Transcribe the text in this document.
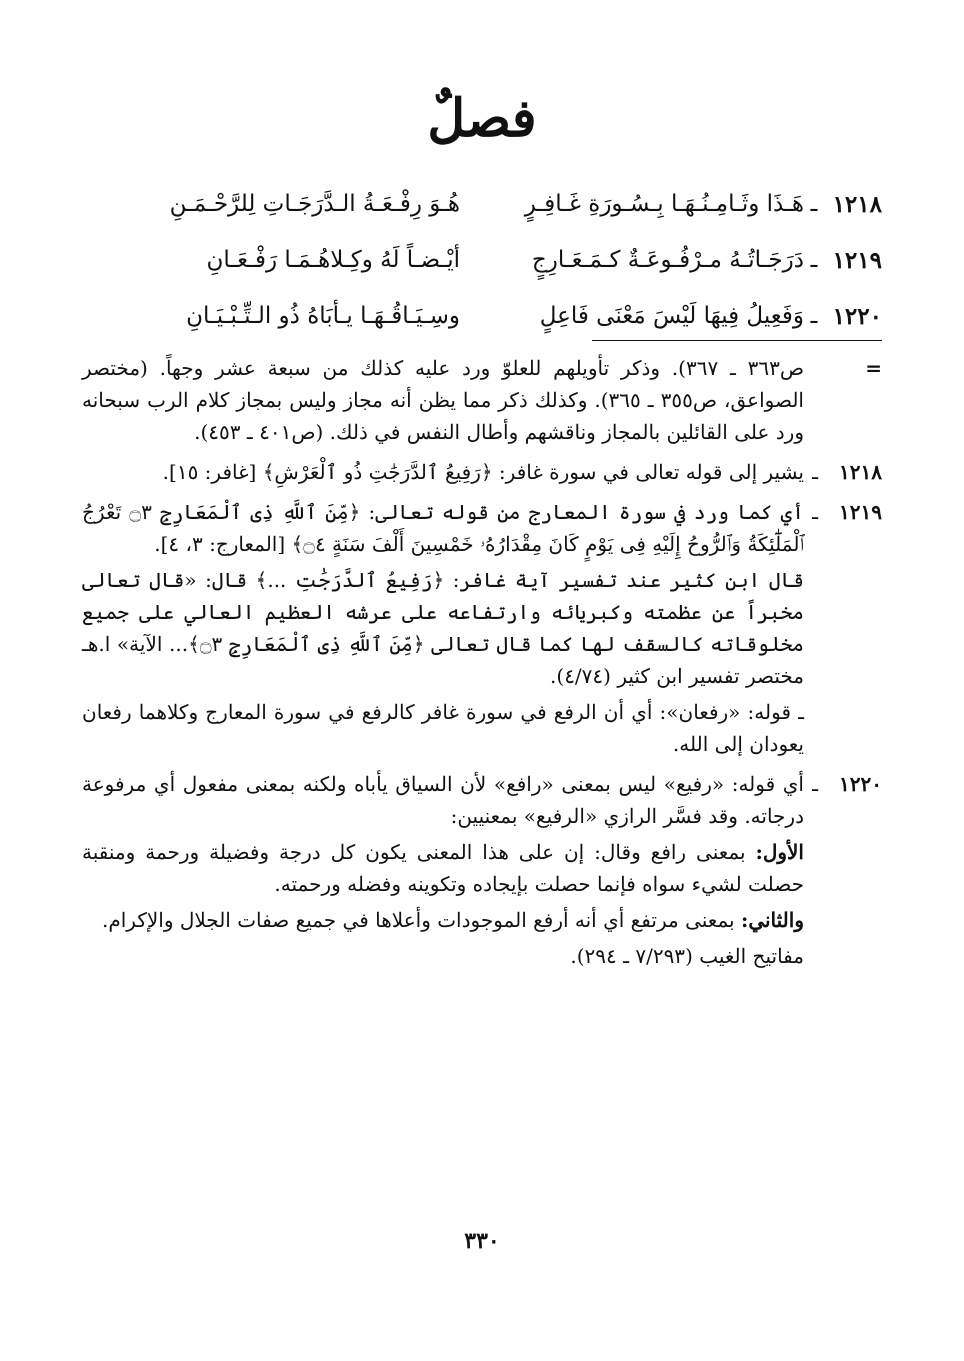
فصلٌ
١٢١٨
ـ
هَـذَا وثَـامِـنُـهَـا بِـسُـورَةِ غَـافِـرٍ
هُـوَ رِفْـعَـةُ الـدَّرَجَـاتِ لِلرَّحْـمَـنِ
١٢١٩
ـ
دَرَجَـاتُـهُ مـرْفُـوعَـةٌ كـمَـعَـارِجٍ
أيْـضـاً لَهُ وكِـلاهُـمَـا رَفْـعَـانِ
١٢٢٠
ـ
وَفَعِيلُ فِيهَا لَيْسَ مَعْنَى فَاعِلٍ
وسِـيَـاقُـهَـا يـأبَاهُ ذُو الـتِّـبْـيَـانِ
=

ص٣٦٣ ـ ٣٦٧). وذكر تأويلهم للعلوّ ورد عليه كذلك من سبعة عشر وجهاً. (مختصر الصواعق، ص٣٥٥ ـ ٣٦٥). وكذلك ذكر مما يظن أنه مجاز وليس بمجاز كلام الرب سبحانه ورد على القائلين بالمجاز وناقشهم وأطال النفس في ذلك. (ص٤٠١ ـ ٤٥٣).

١٢١٨
ـ

يشير إلى قوله تعالى في سورة غافر: ﴿رَفِيعُ ٱلدَّرَجَٰتِ ذُو ٱلْعَرْشِ﴾ [غافر: ١٥].

١٢١٩
ـ

أي كما ورد في سورة المعارج من قوله تعالى: ﴿مِّنَ ٱللَّهِ ذِى ٱلْمَعَارِجِ ۝٣ تَعْرُجُ ٱلْمَلَٰٓئِكَةُ وَٱلرُّوحُ إِلَيْهِ فِى يَوْمٍ كَانَ مِقْدَارُهُۥ خَمْسِينَ أَلْفَ سَنَةٍ ۝٤﴾ [المعارج: ٣، ٤].

قال ابن كثير عند تفسير آية غافر: ﴿رَفِيعُ ٱلدَّرَجَٰتِ ...﴾ قال: «قال تعالى مخبراً عن عظمته وكبريائه وارتفاعه على عرشه العظيم العالي على جميع مخلوقاته كالسقف لها كما قال تعالى ﴿مِّنَ ٱللَّهِ ذِى ٱلْمَعَارِجِ ۝٣﴾... الآية» ا.هـ مختصر تفسير ابن كثير (٤/٧٤).

ـ قوله: «رفعان»: أي أن الرفع في سورة غافر كالرفع في سورة المعارج وكلاهما رفعان يعودان إلى الله.

١٢٢٠
ـ

أي قوله: «رفيع» ليس بمعنى «رافع» لأن السياق يأباه ولكنه بمعنى مفعول أي مرفوعة درجاته. وقد فسَّر الرازي «الرفيع» بمعنيين:

الأول: بمعنى رافع وقال: إن على هذا المعنى يكون كل درجة وفضيلة ورحمة ومنقبة حصلت لشيء سواه فإنما حصلت بإيجاده وتكوينه وفضله ورحمته.

والثاني: بمعنى مرتفع أي أنه أرفع الموجودات وأعلاها في جميع صفات الجلال والإكرام.

مفاتيح الغيب (٧/٢٩٣ ـ ٢٩٤).

٣٣٠
